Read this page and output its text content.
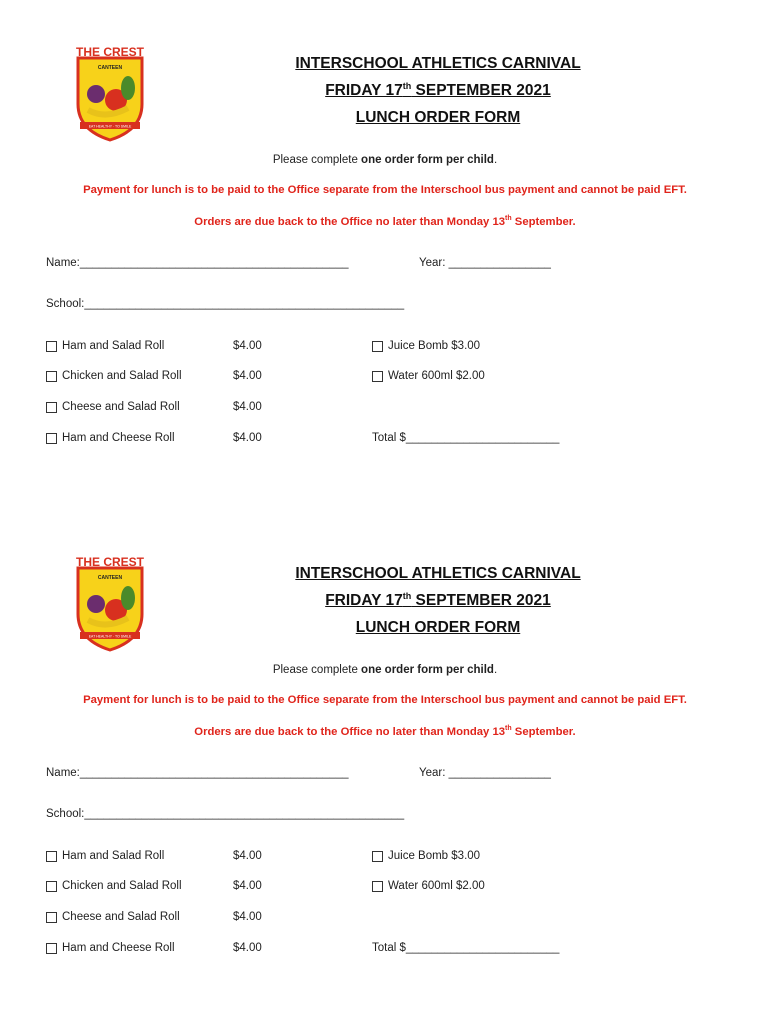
THE CREST
CANTEEN
EAT HEALTHY · TO SMILE
INTERSCHOOL ATHLETICS CARNIVAL
FRIDAY 17th SEPTEMBER 2021
LUNCH ORDER FORM
Please complete one order form per child.
Payment for lunch is to be paid to the Office separate from the Interschool bus payment and cannot be paid EFT.
Orders are due back to the Office no later than Monday 13th September.
Name:__________________________________________	Year: ________________
School:__________________________________________________
Ham and Salad Roll	$4.00
Chicken and Salad Roll	$4.00
Cheese and Salad Roll	$4.00
Ham and Cheese Roll	$4.00
Juice Bomb $3.00
Water 600ml $2.00
Total $________________________
THE CREST
CANTEEN
EAT HEALTHY · TO SMILE
INTERSCHOOL ATHLETICS CARNIVAL
FRIDAY 17th SEPTEMBER 2021
LUNCH ORDER FORM
Please complete one order form per child.
Payment for lunch is to be paid to the Office separate from the Interschool bus payment and cannot be paid EFT.
Orders are due back to the Office no later than Monday 13th September.
Name:__________________________________________	Year: ________________
School:__________________________________________________
Ham and Salad Roll	$4.00
Chicken and Salad Roll	$4.00
Cheese and Salad Roll	$4.00
Ham and Cheese Roll	$4.00
Juice Bomb $3.00
Water 600ml $2.00
Total $________________________
